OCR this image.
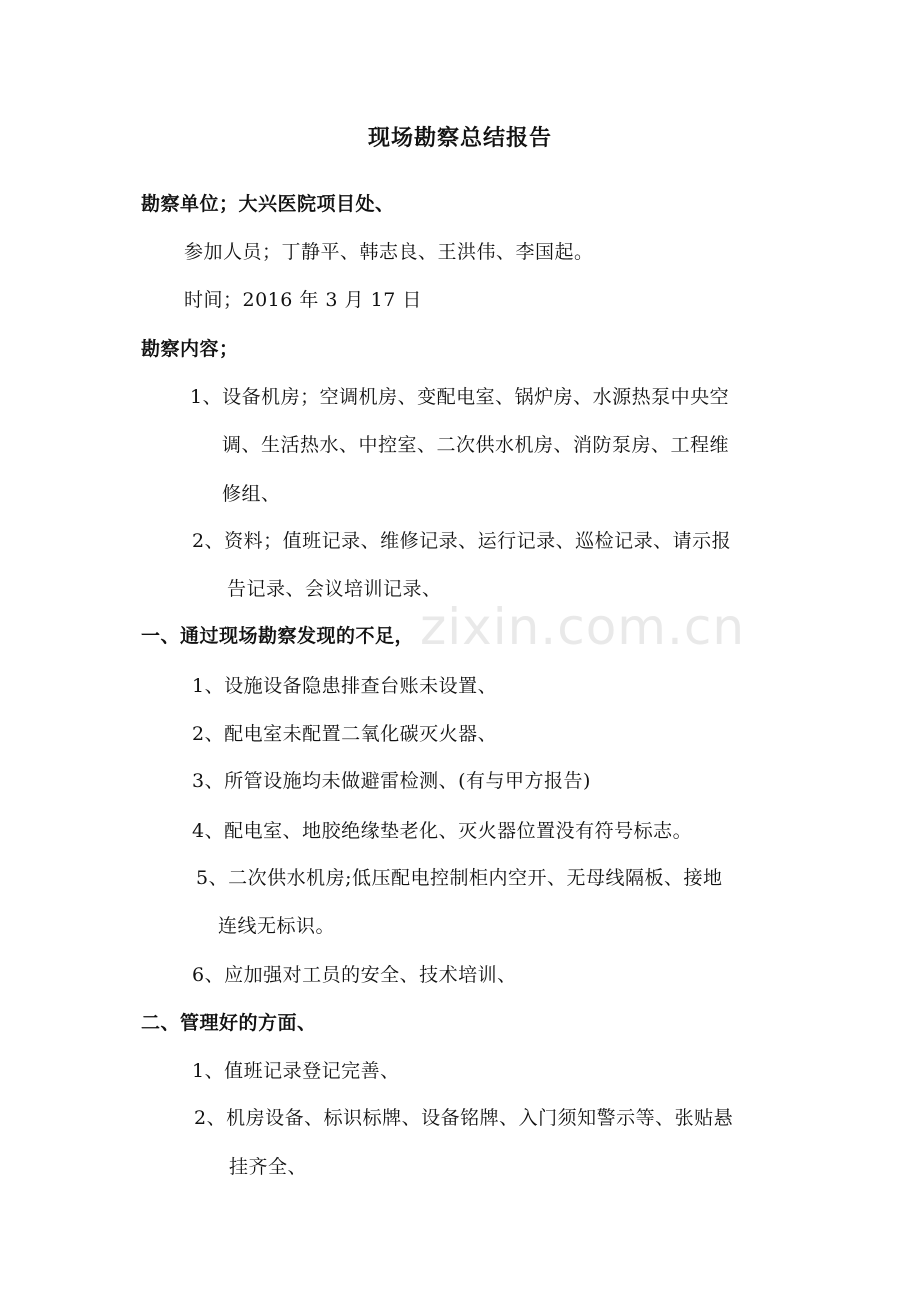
zixin.com.cn
现场勘察总结报告
勘察单位；大兴医院项目处、
参加人员；丁静平、韩志良、王洪伟、李国起。
时间；2016 年 3 月 17 日
勘察内容；
1、设备机房；空调机房、变配电室、锅炉房、水源热泵中央空
调、生活热水、中控室、二次供水机房、消防泵房、工程维
修组、
2、资料；值班记录、维修记录、运行记录、巡检记录、请示报
告记录、会议培训记录、
一、通过现场勘察发现的不足，
1、设施设备隐患排查台账未设置、
2、配电室未配置二氧化碳灭火器、
3、所管设施均未做避雷检测、(有与甲方报告)
4、配电室、地胶绝缘垫老化、灭火器位置没有符号标志。
5、二次供水机房;低压配电控制柜内空开、无母线隔板、接地
连线无标识。
6、应加强对工员的安全、技术培训、
二、管理好的方面、
1、值班记录登记完善、
2、机房设备、标识标牌、设备铭牌、入门须知警示等、张贴悬
挂齐全、
